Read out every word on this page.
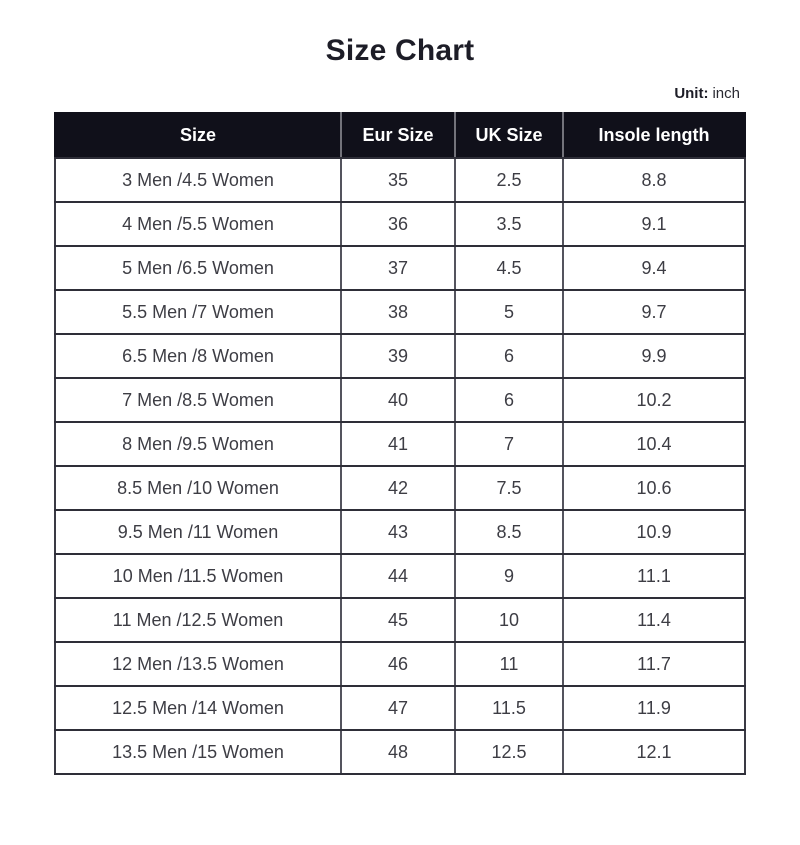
Size Chart
Unit: inch
Size	Eur Size	UK Size	Insole length
3 Men /4.5 Women	35	2.5	8.8
4 Men /5.5 Women	36	3.5	9.1
5 Men /6.5 Women	37	4.5	9.4
5.5 Men /7 Women	38	5	9.7
6.5 Men /8 Women	39	6	9.9
7 Men /8.5 Women	40	6	10.2
8 Men /9.5 Women	41	7	10.4
8.5 Men /10 Women	42	7.5	10.6
9.5 Men /11 Women	43	8.5	10.9
10 Men /11.5 Women	44	9	11.1
11 Men /12.5 Women	45	10	11.4
12 Men /13.5 Women	46	11	11.7
12.5 Men /14 Women	47	11.5	11.9
13.5 Men /15 Women	48	12.5	12.1
